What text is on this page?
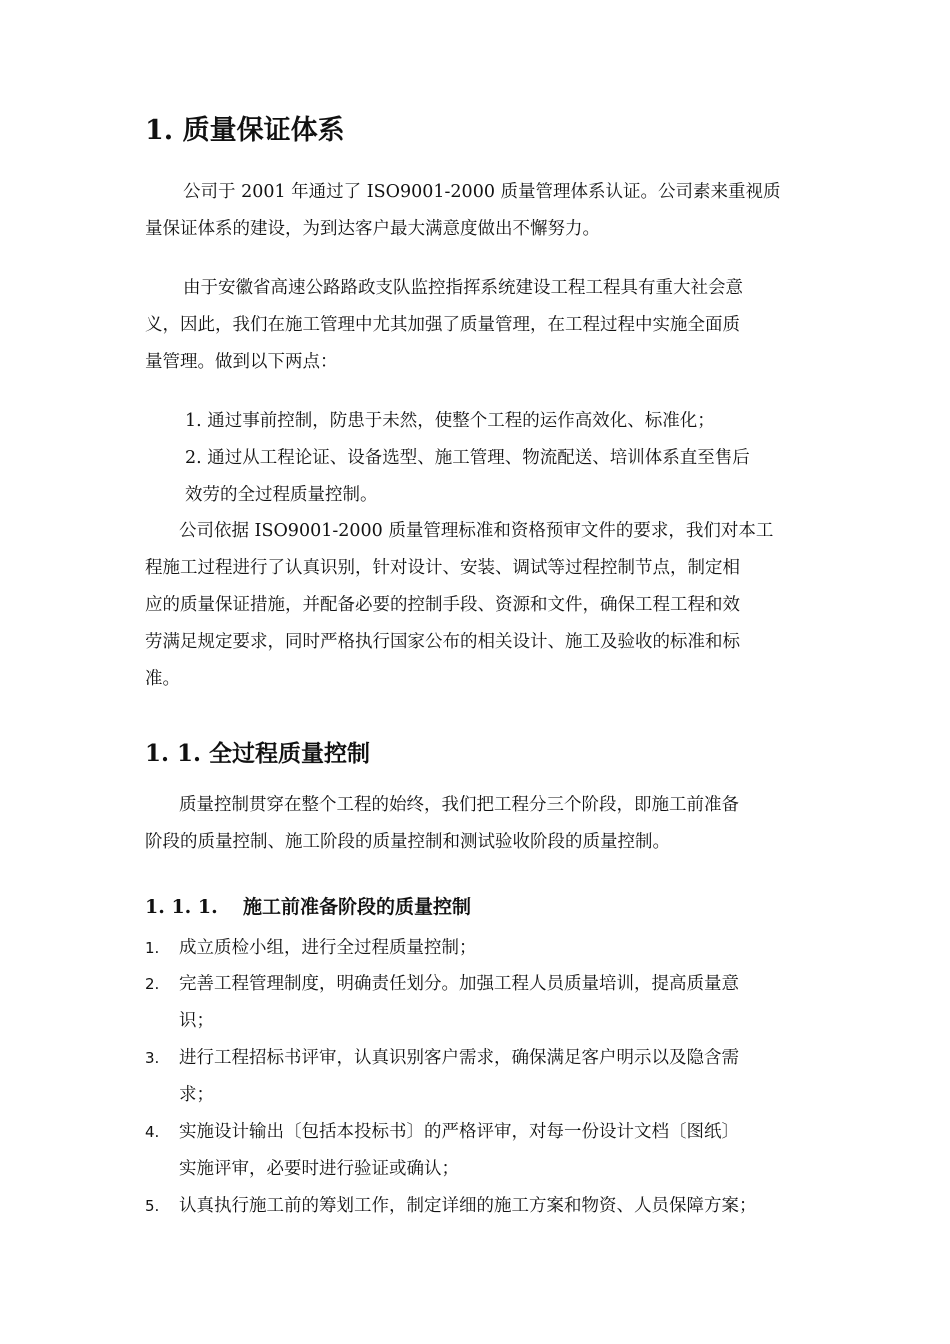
1. 质量保证体系
公司于 2001 年通过了 ISO9001-2000 质量管理体系认证。公司素来重视质
量保证体系的建设，为到达客户最大满意度做出不懈努力。
由于安徽省高速公路路政支队监控指挥系统建设工程工程具有重大社会意
义，因此，我们在施工管理中尤其加强了质量管理，在工程过程中实施全面质
量管理。做到以下两点：
1. 通过事前控制，防患于未然，使整个工程的运作高效化、标准化；
2. 通过从工程论证、设备选型、施工管理、物流配送、培训体系直至售后
效劳的全过程质量控制。
公司依据 ISO9001-2000 质量管理标准和资格预审文件的要求，我们对本工
程施工过程进行了认真识别，针对设计、安装、调试等过程控制节点，制定相
应的质量保证措施，并配备必要的控制手段、资源和文件，确保工程工程和效
劳满足规定要求，同时严格执行国家公布的相关设计、施工及验收的标准和标
准。
1. 1. 全过程质量控制
质量控制贯穿在整个工程的始终，我们把工程分三个阶段，即施工前准备
阶段的质量控制、施工阶段的质量控制和测试验收阶段的质量控制。
1. 1. 1. 施工前准备阶段的质量控制
1.	成立质检小组，进行全过程质量控制；
2.	完善工程管理制度，明确责任划分。加强工程人员质量培训，提高质量意
识；
3.	进行工程招标书评审，认真识别客户需求，确保满足客户明示以及隐含需
求；
4.	实施设计输出〔包括本投标书〕的严格评审，对每一份设计文档〔图纸〕
实施评审，必要时进行验证或确认；
5.	认真执行施工前的筹划工作，制定详细的施工方案和物资、人员保障方案；
